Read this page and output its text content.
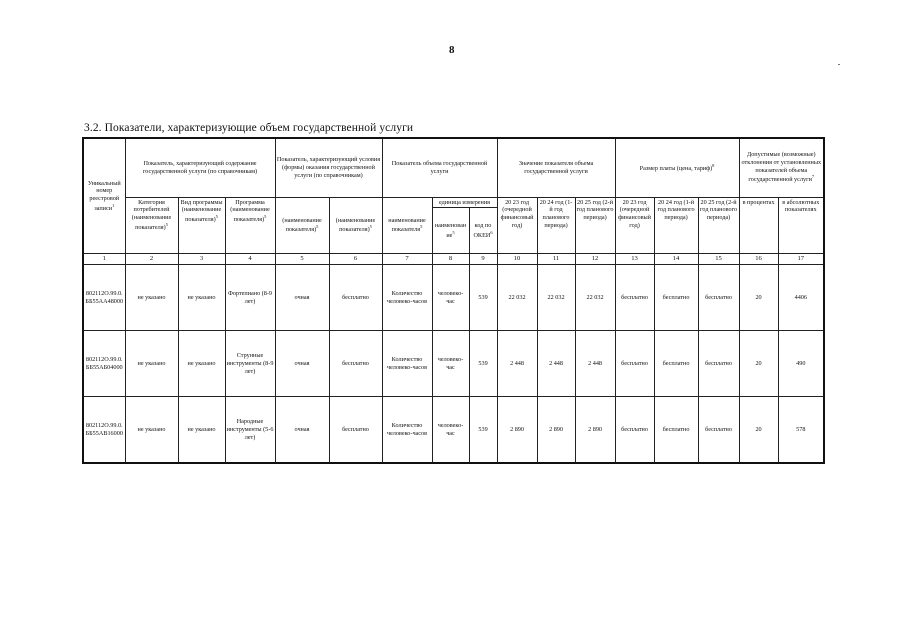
8
3.2. Показатели, характеризующие объем государственной услуги
Уникальный номер реестровой записи$^1$	Показатель, характеризующий содержание государственной услуги (по справочникам)			Показатель, характеризующий условия (формы) оказания государственной услуги (по справочникам)		Показатель объема государственной услуги			Значение показателя объема государственной услуги			Размер платы (цена, тариф)$^8$			Допустимые (возможные) отклонения от установленных показателей объема государственной услуги$^7$
	Категория потребителей (наименование показателя)$^5$	Вид программы (наименование показателя)$^5$	Программа (наименование показателя)$^5$	(наименование показателя)$^5$	(наименование показателя)$^5$	наименование показателя$^5$	единица измерения		20 23 год (очередной финансовый год)	20 24 год (1-й год планового периода)	20 25 год (2-й год планового периода)	20 23 год (очередной финансовый год)	20 24 год (1-й год планового периода)	20 25 год (2-й год планового периода)	в процентах	в абсолютных показателях
							наименование$^5$	код по ОКЕИ$^6$
1	2	3	4	5	6	7	8	9	10	11	12	13	14	15	16	17
802112О.99.0.ББ55АА48000	не указано	не указано	Фортепиано (8-9 лет)	очная	бесплатно	Количество человеко-часов	человеко-час	539	22 032	22 032	22 032	бесплатно	бесплатно	бесплатно	20	4406
802112О.99.0.ББ55АБ04000	не указано	не указано	Струнные инструменты (8-9 лет)	очная	бесплатно	Количество человеко-часов	человеко-час	539	2 448	2 448	2 448	бесплатно	бесплатно	бесплатно	20	490
802112О.99.0.ББ55АВ16000	не указано	не указано	Народные инструменты (5-6 лет)	очная	бесплатно	Количество человеко-часов	человеко-час	539	2 890	2 890	2 890	бесплатно	бесплатно	бесплатно	20	578
